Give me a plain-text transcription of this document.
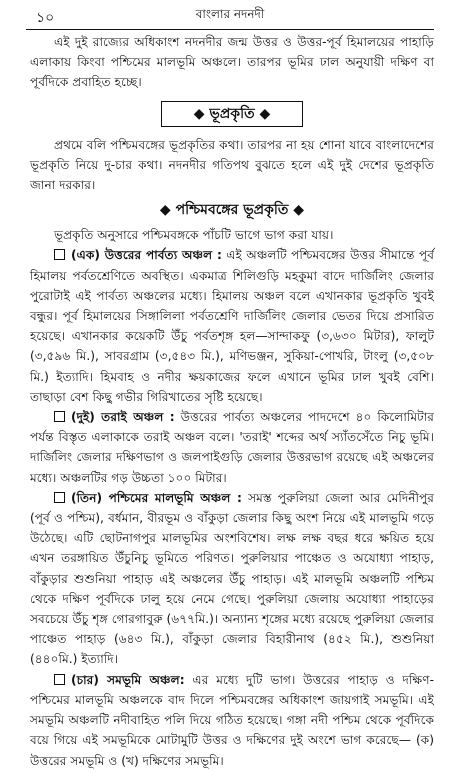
১০	বাংলার নদনদী

এই দুই রাজ্যের অধিকাংশ নদনদীর জন্ম উত্তর ও উত্তর-পূর্ব হিমালয়ের পাহাড়ি এলাকায় কিংবা পশ্চিমের মালভূমি অঞ্চলে। তারপর ভূমির ঢাল অনুযায়ী দক্ষিণ বা পূর্বদিকে প্রবাহিত হচ্ছে।

◆ ভূপ্রকৃতি ◆

প্রথমে বলি পশ্চিমবঙ্গের ভূপ্রকৃতির কথা। তারপর না হয় শোনা যাবে বাংলাদেশের ভূপ্রকৃতি নিয়ে দু-চার কথা। নদনদীর গতিপথ বুঝতে হলে এই দুই দেশের ভূপ্রকৃতি জানা দরকার।

◆ পশ্চিমবঙ্গের ভূপ্রকৃতি ◆

ভূপ্রকৃতি অনুসারে পশ্চিমবঙ্গকে পাঁচটি ভাগে ভাগ করা যায়।

(এক) উত্তরের পার্বত্য অঞ্চল : এই অঞ্চলটি পশ্চিমবঙ্গের উত্তর সীমান্তে পূর্ব হিমালয় পর্বতশ্রেণিতে অবস্থিত। একমাত্র শিলিগুড়ি মহকুমা বাদে দার্জিলিং জেলার পুরোটাই এই পার্বত্য অঞ্চলের মধ্যে। হিমালয় অঞ্চল বলে এখানকার ভূপ্রকৃতি খুবই বন্ধুর। পূর্ব হিমালয়ের সিঙ্গালিলা পর্বতশ্রেণি দার্জিলিং জেলার ভেতর দিয়ে প্রসারিত হয়েছে। এখানকার কয়েকটি উঁচু পর্বতশৃঙ্গ হল—সান্দাকফু (৩,৬৩০ মিটার), ফালুট (৩,৫৯৬ মি.), সাবরগ্রাম (৩,৫৪৩ মি.), মণিভঞ্জন, সুকিয়া-পোখরি, টাংলু (৩,৫০৮ মি.) ইত্যাদি। হিমবাহ ও নদীর ক্ষয়কাজের ফলে এখানে ভূমির ঢাল খুবই বেশি। তাছাড়া বেশ কিছু গভীর গিরিখাতের সৃষ্টি হয়েছে।

(দুই) তরাই অঞ্চল : উত্তরের পার্বত্য অঞ্চলের পাদদেশে ৪০ কিলোমিটার পর্যন্ত বিস্তৃত এলাকাকে তরাই অঞ্চল বলে। 'তরাই' শব্দের অর্থ স্যাঁতসেঁতে নিচু ভূমি। দার্জিলিং জেলার দক্ষিণভাগ ও জলপাইগুড়ি জেলার উত্তরভাগ রয়েছে এই অঞ্চলের মধ্যে। অঞ্চলটির গড় উচ্চতা ১০০ মিটার।

(তিন) পশ্চিমের মালভূমি অঞ্চল : সমস্ত পুরুলিয়া জেলা আর মেদিনীপুর (পূর্ব ও পশ্চিম), বর্ধমান, বীরভূম ও বাঁকুড়া জেলার কিছু অংশ নিয়ে এই মালভূমি গড়ে উঠেছে। এটি ছোটনাগপুর মালভূমির অংশবিশেষ। লক্ষ লক্ষ বছর ধরে ক্ষয়িত হয়ে এখন তরঙ্গায়িত উঁচুনিচু ভূমিতে পরিণত। পুরুলিয়ার পাঞ্চেত ও অযোধ্যা পাহাড়, বাঁকুড়ার শুশুনিয়া পাহাড় এই অঞ্চলের উঁচু পাহাড়। এই মালভূমি অঞ্চলটি পশ্চিম থেকে দক্ষিণ পূর্বদিকে ঢালু হয়ে নেমে গেছে। পুরুলিয়া জেলায় অযোধ্যা পাহাড়ের সবচেয়ে উঁচু শৃঙ্গ গোরগাবুরু (৬৭৭মি.)। অন্যান্য শৃঙ্গের মধ্যে রয়েছে পুরুলিয়া জেলার পাঞ্চেত পাহাড় (৬৪৩ মি.), বাঁকুড়া জেলার বিহারীনাথ (৪৫২ মি.), শুশুনিয়া (৪৪০মি.) ইত্যাদি।

(চার) সমভূমি অঞ্চল: এর মধ্যে দুটি ভাগ। উত্তরের পাহাড় ও দক্ষিণ-পশ্চিমের মালভূমি অঞ্চলকে বাদ দিলে পশ্চিমবঙ্গের অধিকাংশ জায়গাই সমভূমি। এই সমভূমি অঞ্চলটি নদীবাহিত পলি দিয়ে গঠিত হয়েছে। গঙ্গা নদী পশ্চিম থেকে পূর্বদিকে বয়ে গিয়ে এই সমভূমিকে মোটামুটি উত্তর ও দক্ষিণের দুই অংশে ভাগ করেছে— (ক) উত্তরের সমভূমি ও (খ) দক্ষিণের সমভূমি।
